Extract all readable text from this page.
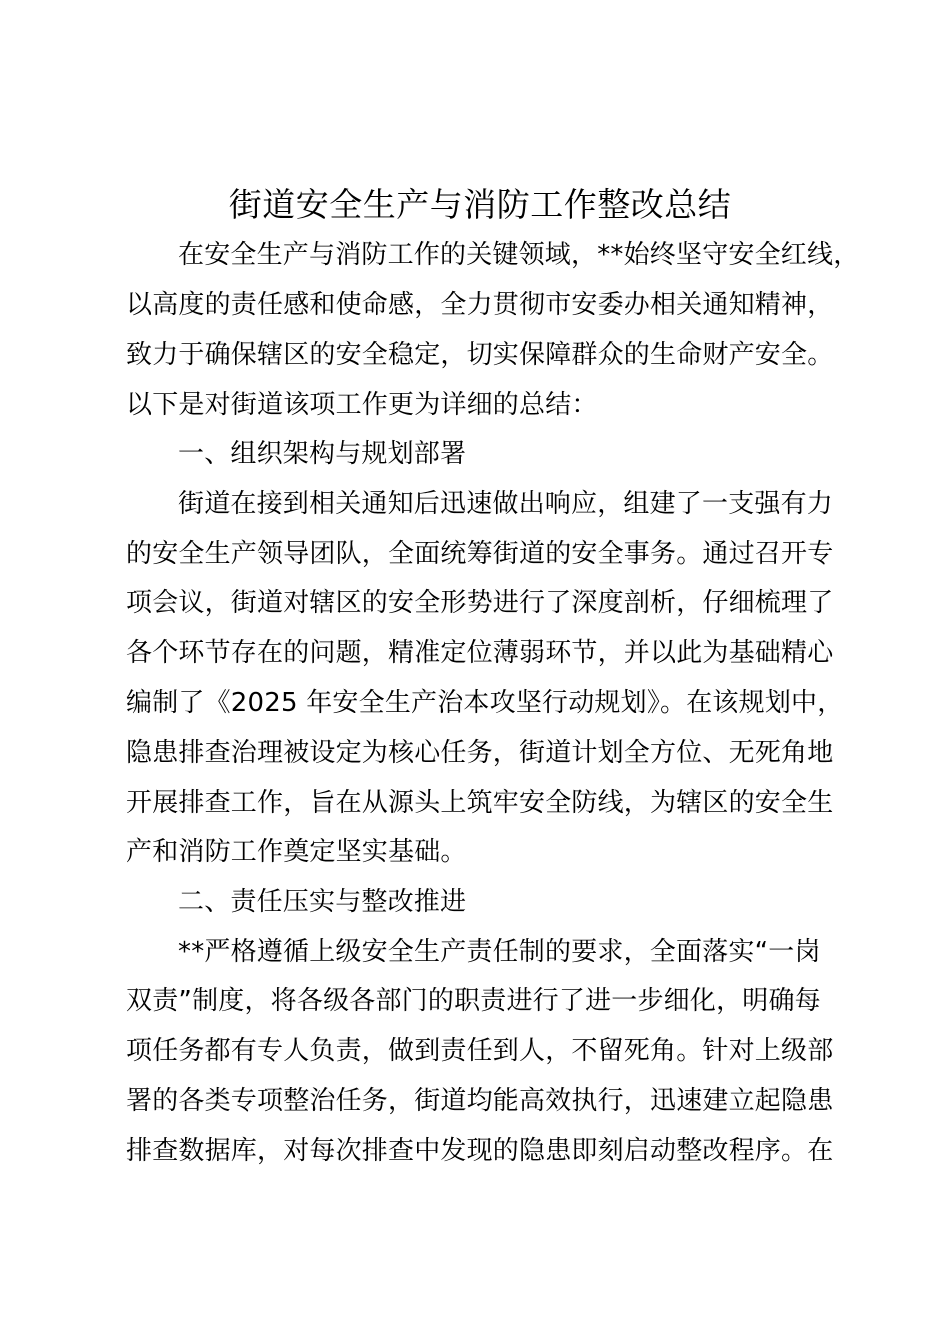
街道安全生产与消防工作整改总结
在安全生产与消防工作的关键领域，**始终坚守安全红线，
以高度的责任感和使命感，全力贯彻市安委办相关通知精神，
致力于确保辖区的安全稳定，切实保障群众的生命财产安全。
以下是对街道该项工作更为详细的总结：
一、组织架构与规划部署
街道在接到相关通知后迅速做出响应，组建了一支强有力
的安全生产领导团队，全面统筹街道的安全事务。通过召开专
项会议，街道对辖区的安全形势进行了深度剖析，仔细梳理了
各个环节存在的问题，精准定位薄弱环节，并以此为基础精心
编制了《2025 年安全生产治本攻坚行动规划》。在该规划中，
隐患排查治理被设定为核心任务，街道计划全方位、无死角地
开展排查工作，旨在从源头上筑牢安全防线，为辖区的安全生
产和消防工作奠定坚实基础。
二、责任压实与整改推进
**严格遵循上级安全生产责任制的要求，全面落实“一岗
双责”制度，将各级各部门的职责进行了进一步细化，明确每
项任务都有专人负责，做到责任到人，不留死角。针对上级部
署的各类专项整治任务，街道均能高效执行，迅速建立起隐患
排查数据库，对每次排查中发现的隐患即刻启动整改程序。在
